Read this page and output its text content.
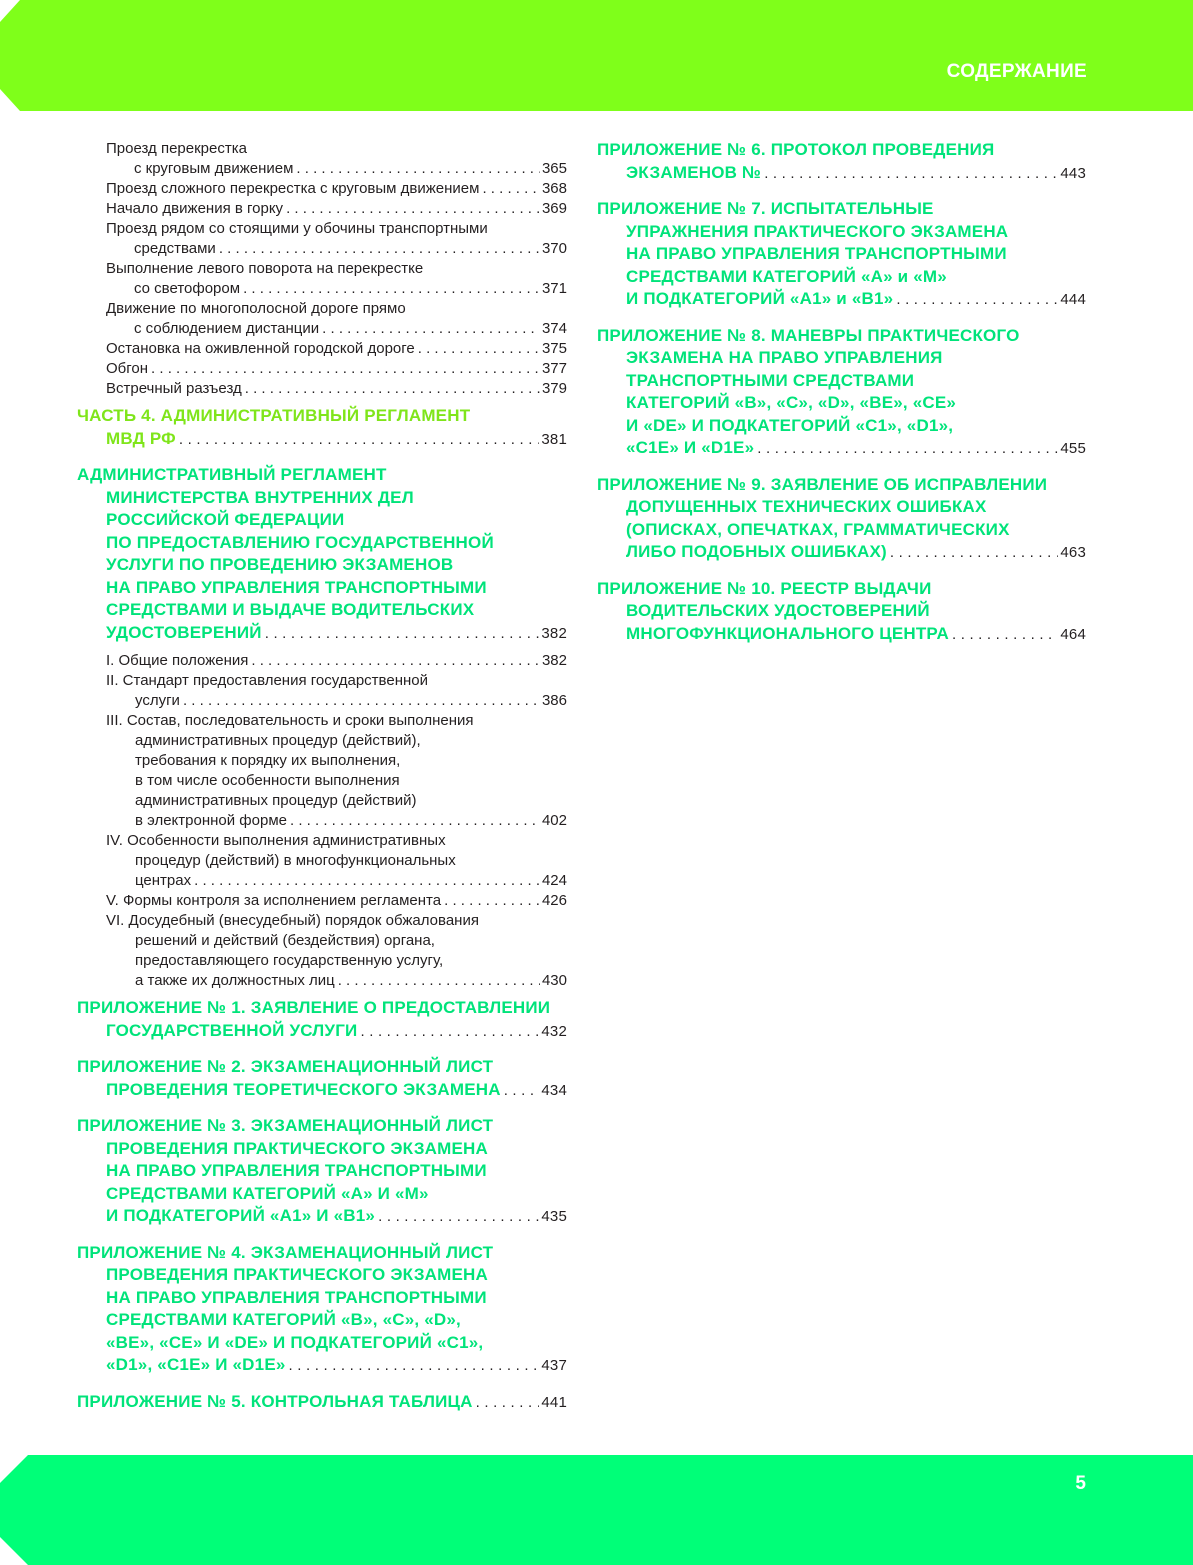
СОДЕРЖАНИЕ
Проезд перекрестка
с круговым движением . . .	365
Проезд сложного перекрестка с круговым движением . . .	368
Начало движения в горку . . .	369
Проезд рядом со стоящими у обочины транспортными
средствами . . .	370
Выполнение левого поворота на перекрестке
со светофором . . .	371
Движение по многополосной дороге прямо
с соблюдением дистанции . . .	374
Остановка на оживленной городской дороге . . .	375
Обгон . . .	377
Встречный разъезд . . .	379
ЧАСТЬ 4. АДМИНИСТРАТИВНЫЙ РЕГЛАМЕНТ
МВД РФ . . .	381
АДМИНИСТРАТИВНЫЙ РЕГЛАМЕНТ
МИНИСТЕРСТВА ВНУТРЕННИХ ДЕЛ
РОССИЙСКОЙ ФЕДЕРАЦИИ
ПО ПРЕДОСТАВЛЕНИЮ ГОСУДАРСТВЕННОЙ
УСЛУГИ ПО ПРОВЕДЕНИЮ ЭКЗАМЕНОВ
НА ПРАВО УПРАВЛЕНИЯ ТРАНСПОРТНЫМИ
СРЕДСТВАМИ И ВЫДАЧЕ ВОДИТЕЛЬСКИХ
УДОСТОВЕРЕНИЙ . . .	382
I. Общие положения . . .	382
II. Стандарт предоставления государственной
услуги . . .	386
III. Состав, последовательность и сроки выполнения
административных процедур (действий),
требования к порядку их выполнения,
в том числе особенности выполнения
административных процедур (действий)
в электронной форме . . .	402
IV. Особенности выполнения административных
процедур (действий) в многофункциональных
центрах . . .	424
V. Формы контроля за исполнением регламента . . .	426
VI. Досудебный (внесудебный) порядок обжалования
решений и действий (бездействия) органа,
предоставляющего государственную услугу,
а также их должностных лиц . . .	430
ПРИЛОЖЕНИЕ № 1. ЗАЯВЛЕНИЕ О ПРЕДОСТАВЛЕНИИ
ГОСУДАРСТВЕННОЙ УСЛУГИ . . .	432
ПРИЛОЖЕНИЕ № 2. ЭКЗАМЕНАЦИОННЫЙ ЛИСТ
ПРОВЕДЕНИЯ ТЕОРЕТИЧЕСКОГО ЭКЗАМЕНА . . .	434
ПРИЛОЖЕНИЕ № 3. ЭКЗАМЕНАЦИОННЫЙ ЛИСТ
ПРОВЕДЕНИЯ ПРАКТИЧЕСКОГО ЭКЗАМЕНА
НА ПРАВО УПРАВЛЕНИЯ ТРАНСПОРТНЫМИ
СРЕДСТВАМИ КАТЕГОРИЙ «А» И «М»
И ПОДКАТЕГОРИЙ «А1» И «В1» . . .	435
ПРИЛОЖЕНИЕ № 4. ЭКЗАМЕНАЦИОННЫЙ ЛИСТ
ПРОВЕДЕНИЯ ПРАКТИЧЕСКОГО ЭКЗАМЕНА
НА ПРАВО УПРАВЛЕНИЯ ТРАНСПОРТНЫМИ
СРЕДСТВАМИ КАТЕГОРИЙ «В», «С», «D»,
«ВЕ», «СЕ» И «DE» И ПОДКАТЕГОРИЙ «С1»,
«D1», «C1E» И «D1E» . . .	437
ПРИЛОЖЕНИЕ № 5. КОНТРОЛЬНАЯ ТАБЛИЦА . . .	441
ПРИЛОЖЕНИЕ № 6. ПРОТОКОЛ ПРОВЕДЕНИЯ
ЭКЗАМЕНОВ № . . .	443
ПРИЛОЖЕНИЕ № 7. ИСПЫТАТЕЛЬНЫЕ
УПРАЖНЕНИЯ ПРАКТИЧЕСКОГО ЭКЗАМЕНА
НА ПРАВО УПРАВЛЕНИЯ ТРАНСПОРТНЫМИ
СРЕДСТВАМИ КАТЕГОРИЙ «А» и «М»
И ПОДКАТЕГОРИЙ «А1» и «В1» . . .	444
ПРИЛОЖЕНИЕ № 8. МАНЕВРЫ ПРАКТИЧЕСКОГО
ЭКЗАМЕНА НА ПРАВО УПРАВЛЕНИЯ
ТРАНСПОРТНЫМИ СРЕДСТВАМИ
КАТЕГОРИЙ «В», «С», «D», «ВЕ», «СЕ»
И «DE» И ПОДКАТЕГОРИЙ «С1», «D1»,
«C1E» И «D1E» . . .	455
ПРИЛОЖЕНИЕ № 9. ЗАЯВЛЕНИЕ ОБ ИСПРАВЛЕНИИ
ДОПУЩЕННЫХ ТЕХНИЧЕСКИХ ОШИБКАХ
(ОПИСКАХ, ОПЕЧАТКАХ, ГРАММАТИЧЕСКИХ
ЛИБО ПОДОБНЫХ ОШИБКАХ) . . .	463
ПРИЛОЖЕНИЕ № 10. РЕЕСТР ВЫДАЧИ
ВОДИТЕЛЬСКИХ УДОСТОВЕРЕНИЙ
МНОГОФУНКЦИОНАЛЬНОГО ЦЕНТРА . . .	464
5
